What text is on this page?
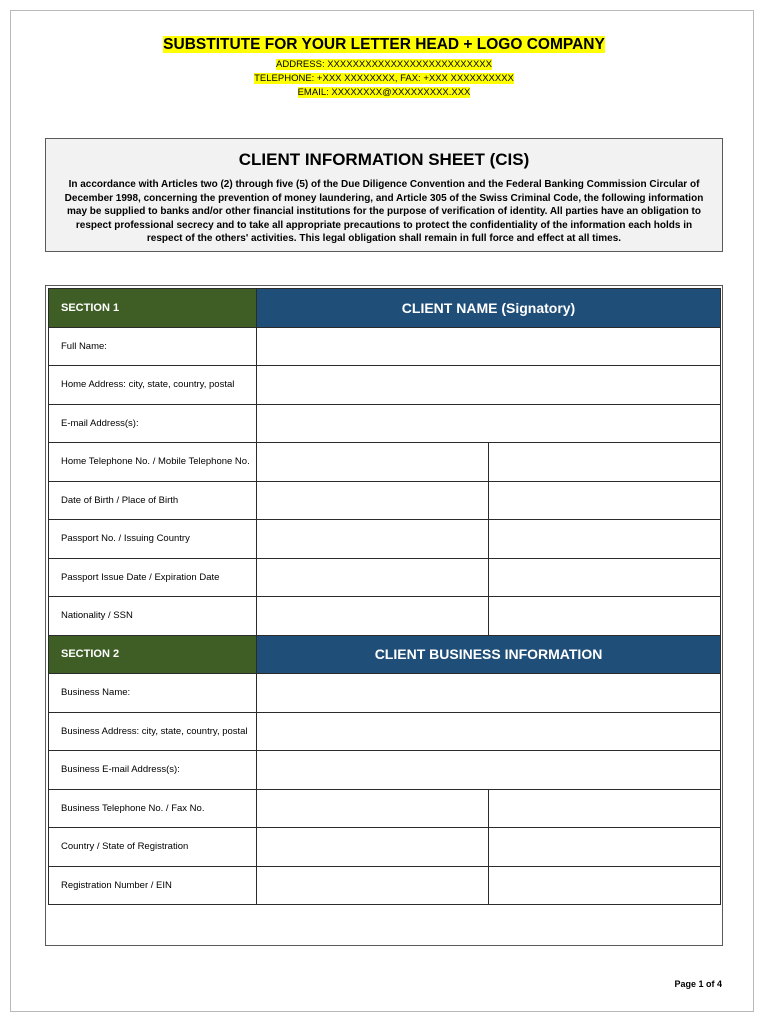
SUBSTITUTE FOR YOUR LETTER HEAD + LOGO COMPANY
ADDRESS: XXXXXXXXXXXXXXXXXXXXXXXXXX
TELEPHONE: +XXX XXXXXXXX, FAX: +XXX XXXXXXXXXX
EMAIL: XXXXXXXX@XXXXXXXXX.XXX
CLIENT INFORMATION SHEET (CIS)
In accordance with Articles two (2) through five (5) of the Due Diligence Convention and the Federal Banking Commission Circular of December 1998, concerning the prevention of money laundering, and Article 305 of the Swiss Criminal Code, the following information may be supplied to banks and/or other financial institutions for the purpose of verification of identity. All parties have an obligation to respect professional secrecy and to take all appropriate precautions to protect the confidentiality of the information each holds in respect of the others' activities. This legal obligation shall remain in full force and effect at all times.
SECTION 1	CLIENT NAME (Signatory)	
Full Name:		
Home Address: city, state, country, postal		
E-mail Address(s):		
Home Telephone No. / Mobile Telephone No.		
Date of Birth / Place of Birth		
Passport No. / Issuing Country		
Passport Issue Date / Expiration Date		
Nationality / SSN		
SECTION 2	CLIENT BUSINESS INFORMATION	
Business Name:		
Business Address: city, state, country, postal		
Business E-mail Address(s):		
Business Telephone No. / Fax No.		
Country / State of Registration		
Registration Number / EIN		
Page 1 of 4
